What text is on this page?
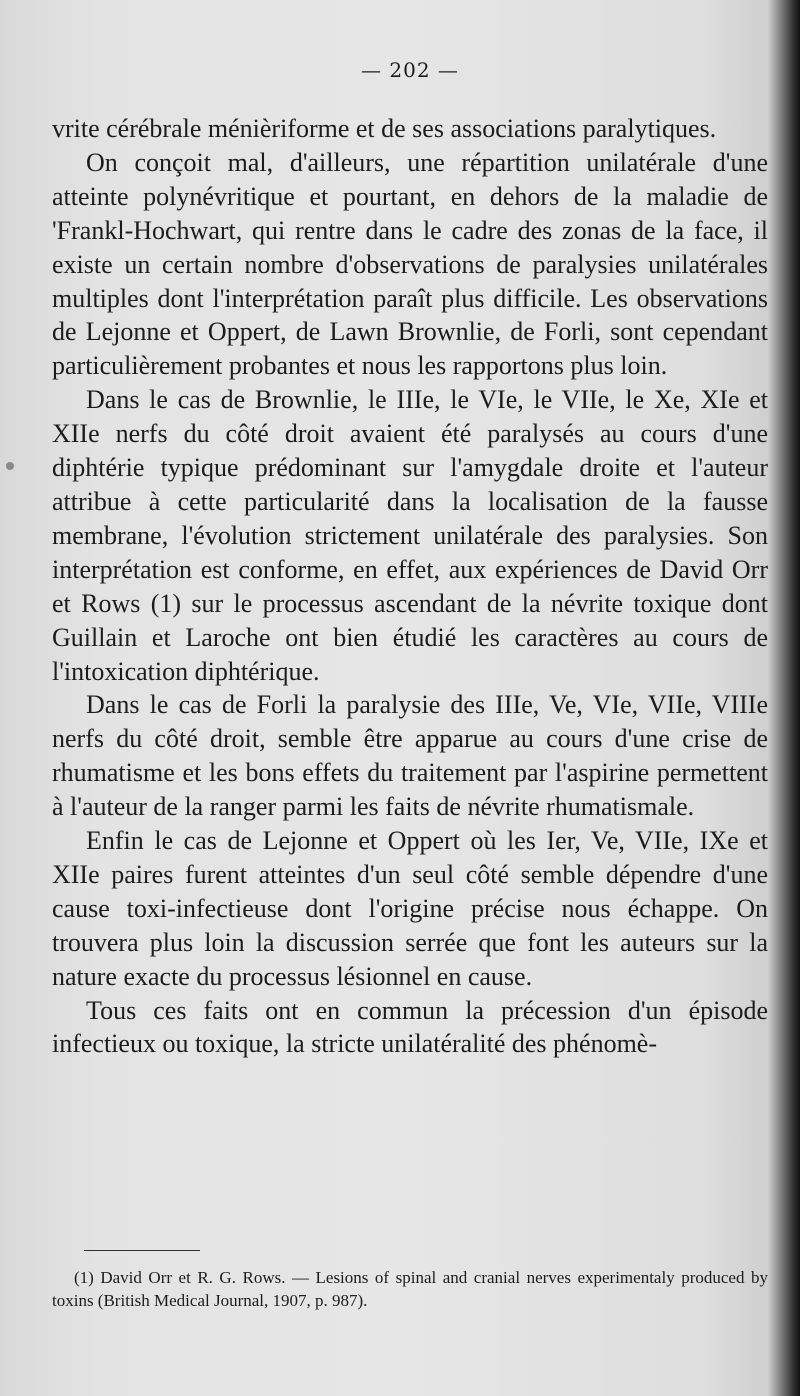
— 202 —

vrite cérébrale ménièriforme et de ses associations paralytiques.

On conçoit mal, d'ailleurs, une répartition unilatérale d'une atteinte polynévritique et pourtant, en dehors de la maladie de 'Frankl-Hochwart, qui rentre dans le cadre des zonas de la face, il existe un certain nombre d'observations de paralysies unilatérales multiples dont l'interprétation paraît plus difficile. Les observations de Lejonne et Oppert, de Lawn Brownlie, de Forli, sont cependant particulièrement probantes et nous les rapportons plus loin.

Dans le cas de Brownlie, le IIIe, le VIe, le VIIe, le Xe, XIe et XIIe nerfs du côté droit avaient été paralysés au cours d'une diphtérie typique prédominant sur l'amygdale droite et l'auteur attribue à cette particularité dans la localisation de la fausse membrane, l'évolution strictement unilatérale des paralysies. Son interprétation est conforme, en effet, aux expériences de David Orr et Rows (1) sur le processus ascendant de la névrite toxique dont Guillain et Laroche ont bien étudié les caractères au cours de l'intoxication diphtérique.

Dans le cas de Forli la paralysie des IIIe, Ve, VIe, VIIe, VIIIe nerfs du côté droit, semble être apparue au cours d'une crise de rhumatisme et les bons effets du traitement par l'aspirine permettent à l'auteur de la ranger parmi les faits de névrite rhumatismale.

Enfin le cas de Lejonne et Oppert où les Ier, Ve, VIIe, IXe et XIIe paires furent atteintes d'un seul côté semble dépendre d'une cause toxi-infectieuse dont l'origine précise nous échappe. On trouvera plus loin la discussion serrée que font les auteurs sur la nature exacte du processus lésionnel en cause.

Tous ces faits ont en commun la précession d'un épisode infectieux ou toxique, la stricte unilatéralité des phénomè-

(1) David Orr et R. G. Rows. — Lesions of spinal and cranial nerves experimentaly produced by toxins (British Medical Journal, 1907, p. 987).
